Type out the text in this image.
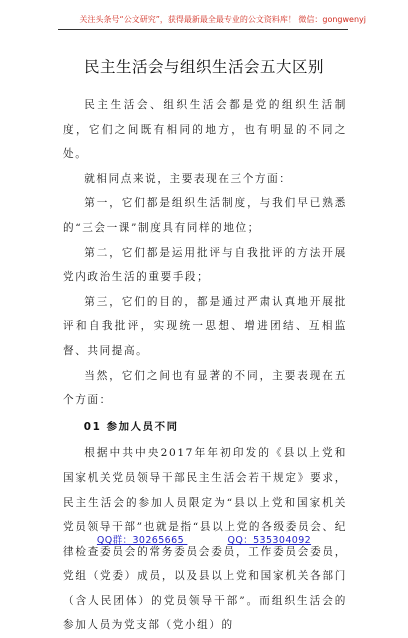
关注头条号“公文研究”，获得最新最全最专业的公文资料库！ 微信：gongwenyj
民主生活会与组织生活会五大区别

民主生活会、组织生活会都是党的组织生活制度，它们之间既有相同的地方，也有明显的不同之处。

就相同点来说，主要表现在三个方面：

第一，它们都是组织生活制度，与我们早已熟悉的“三会一课”制度具有同样的地位；

第二，它们都是运用批评与自我批评的方法开展党内政治生活的重要手段；

第三，它们的目的，都是通过严肃认真地开展批评和自我批评，实现统一思想、增进团结、互相监督、共同提高。

当然，它们之间也有显著的不同，主要表现在五个方面：

01 参加人员不同

根据中共中央2017年年初印发的《县以上党和国家机关党员领导干部民主生活会若干规定》要求，民主生活会的参加人员限定为“县以上党和国家机关党员领导干部”也就是指“县以上党的各级委员会、纪律检查委员会的常务委员会委员，工作委员会委员，党组（党委）成员，以及县以上党和国家机关各部门（含人民团体）的党员领导干部”。而组织生活会的参加人员为党支部（党小组）的

QQ群：30265665	QQ：535304092
